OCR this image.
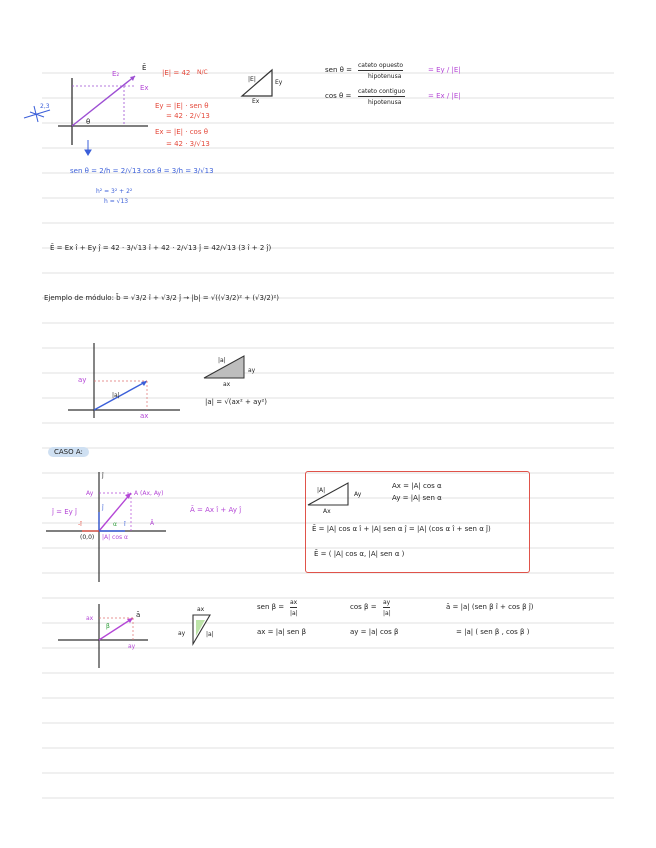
E₂
Ē
|E| = 42 N/C
Ex
θ
Ey = |E| · sen θ
= 42 · 2/√13
Ex = |E| · cos θ
= 42 · 3/√13
sen θ = 2/h = 2/√13 cos θ = 3/h = 3/√13
h² = 3² + 2²
h = √13
2,3
|E|	Ey
Ex
sen θ =
cateto opuesto
hipotenusa
= Ey / |E|
cos θ =
cateto contiguo
hipotenusa
= Ex / |E|
Ē = Ex î + Ey ĵ = 42 · 3/√13 î + 42 · 2/√13 ĵ = 42/√13 (3 î + 2 ĵ)
Ejemplo de módulo: b̄ = √3/2 î + √3/2 ĵ → |b| = √((√3/2)² + (√3/2)²)
ay
ax
|a|
|a|
ay
ax
|a| = √(ax² + ay²)
CASO A:
ĵ
A (Ax, Ay)
Ay
ĵ
|A| cos α
î	Ā
ĵ = Ey ĵ	Ā = Ax î + Ay ĵ
-î
(0,0)
α
|A|
Ay
Ax
Ax = |A| cos α
Ay = |A| sen α
Ē = |A| cos α î + |A| sen α ĵ = |A| (cos α î + sen α ĵ)
Ē = ( |A| cos α, |A| sen α )
ax
ay
ā
β
ax
ay	|a|
sen β =
ax
|a|
cos β =
ay
|a|
ax = |a| sen β	ay = |a| cos β
ā = |a| (sen β î + cos β ĵ)
= |a| ( sen β , cos β )
